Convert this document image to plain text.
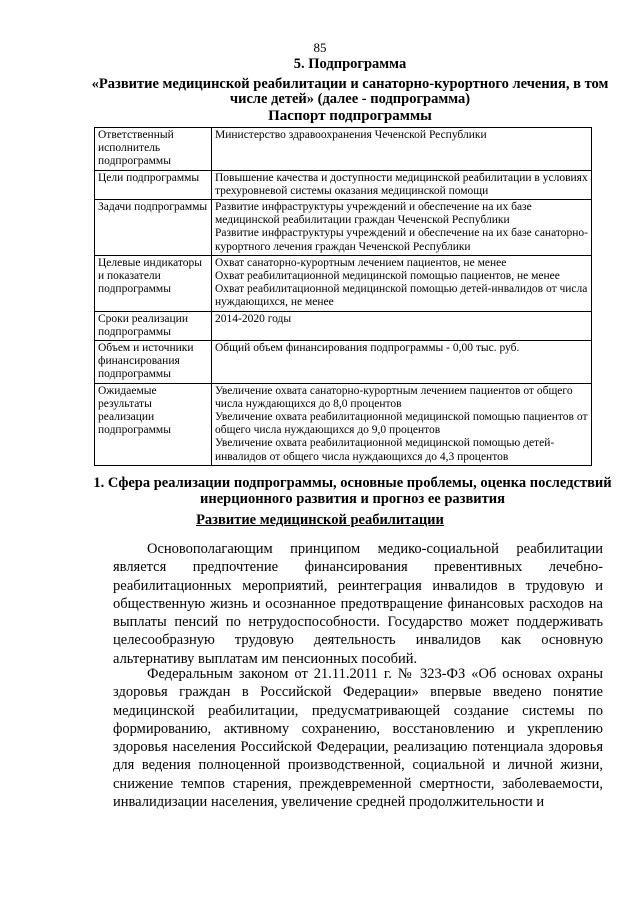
85
5. Подпрограмма
«Развитие медицинской реабилитации и санаторно-курортного лечения, в том числе детей» (далее - подпрограмма)
Паспорт подпрограммы
Ответственный исполнитель подпрограммы	Министерство здравоохранения Чеченской Республики

Цели подпрограммы	Повышение качества и доступности медицинской реабилитации в условиях трехуровневой системы оказания медицинской помощи

Задачи подпрограммы	Развитие инфраструктуры учреждений и обеспечение на их базе медицинской реабилитации граждан Чеченской Республики
Развитие инфраструктуры учреждений и обеспечение на их базе санаторно-курортного лечения граждан Чеченской Республики

Целевые индикаторы и показатели подпрограммы	Охват санаторно-курортным лечением пациентов, не менее
Охват реабилитационной медицинской помощью пациентов, не менее
Охват реабилитационной медицинской помощью детей-инвалидов от числа нуждающихся, не менее

Сроки реализации подпрограммы	2014-2020 годы

Объем и источники финансирования подпрограммы	Общий объем финансирования подпрограммы - 0,00 тыс. руб.

Ожидаемые результаты реализации подпрограммы	Увеличение охвата санаторно-курортным лечением пациентов от общего числа нуждающихся до 8,0 процентов
Увеличение охвата реабилитационной медицинской помощью пациентов от общего числа нуждающихся до 9,0 процентов
Увеличение охвата реабилитационной медицинской помощью детей-инвалидов от общего числа нуждающихся до 4,3 процентов
1. Сфера реализации подпрограммы, основные проблемы, оценка последствий инерционного развития и прогноз ее развития
Развитие медицинской реабилитации

Основополагающим принципом медико-социальной реабилитации является предпочтение финансирования превентивных лечебно-реабилитационных мероприятий, реинтеграция инвалидов в трудовую и общественную жизнь и осознанное предотвращение финансовых расходов на выплаты пенсий по нетрудоспособности. Государство может поддерживать целесообразную трудовую деятельность инвалидов как основную альтернативу выплатам им пенсионных пособий.

Федеральным законом от 21.11.2011 г. № 323-ФЗ «Об основах охраны здоровья граждан в Российской Федерации» впервые введено понятие медицинской реабилитации, предусматривающей создание системы по формированию, активному сохранению, восстановлению и укреплению здоровья населения Российской Федерации, реализацию потенциала здоровья для ведения полноценной производственной, социальной и личной жизни, снижение темпов старения, преждевременной смертности, заболеваемости, инвалидизации населения, увеличение средней продолжительности и
